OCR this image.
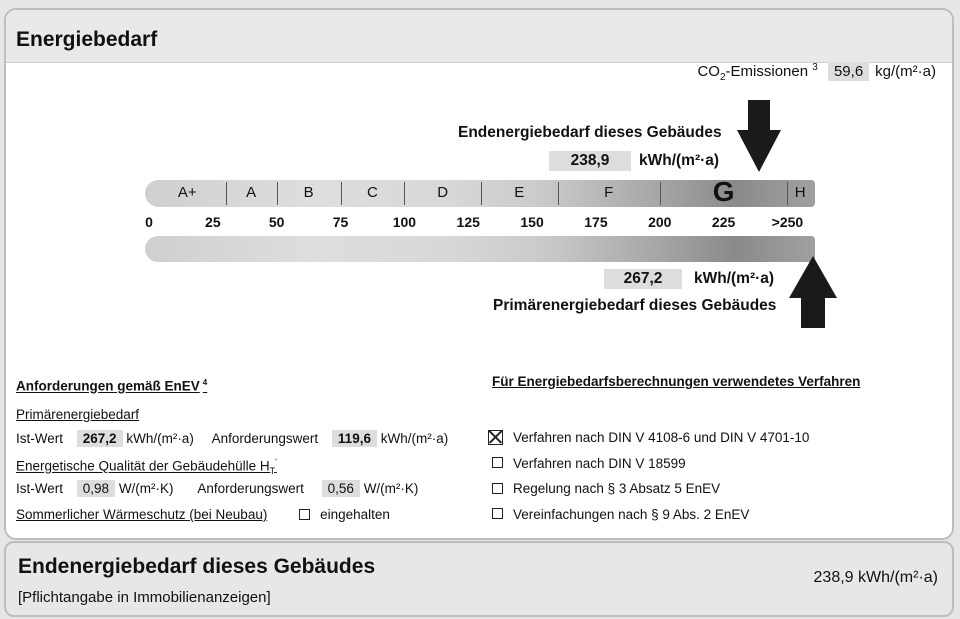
Energiebedarf
$CO_2$-Emissionen $^3$ 59,6 kg/(m²·a)
Endenergiebedarf dieses Gebäudes
238,9	kWh/(m²·a)
A+	A	B	C	D	E	F	G	H
0	25	50	75	100	125	150	175	200	225	>250
267,2	kWh/(m²·a)
Primärenergiebedarf dieses Gebäudes
Anforderungen gemäß EnEV $^4$
Primärenergiebedarf
Ist-Wert 267,2 kWh/(m²·a) Anforderungswert 119,6 kWh/(m²·a)
Energetische Qualität der Gebäudehülle $H_T'$
Ist-Wert 0,98 W/(m²·K) Anforderungswert 0,56 W/(m²·K)
Sommerlicher Wärmeschutz (bei Neubau)	eingehalten
Für Energiebedarfsberechnungen verwendetes Verfahren
Verfahren nach DIN V 4108-6 und DIN V 4701-10
Verfahren nach DIN V 18599
Regelung nach § 3 Absatz 5 EnEV
Vereinfachungen nach § 9 Abs. 2 EnEV
Endenergiebedarf dieses Gebäudes
[Pflichtangabe in Immobilienanzeigen]
238,9 kWh/(m²·a)
